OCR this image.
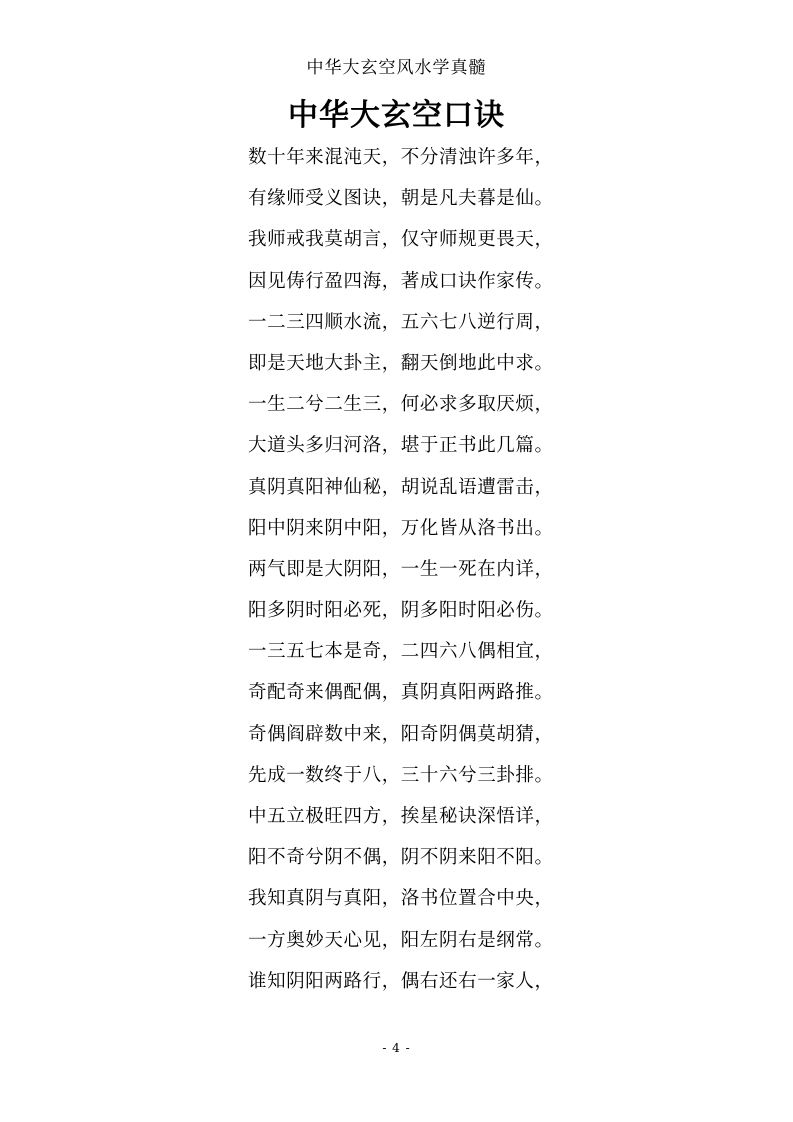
中华大玄空风水学真髓
中华大玄空口诀
数十年来混沌天，不分清浊许多年，
有缘师受义图诀，朝是凡夫暮是仙。
我师戒我莫胡言，仅守师规更畏天，
因见俦行盈四海，著成口诀作家传。
一二三四顺水流，五六七八逆行周，
即是天地大卦主，翻天倒地此中求。
一生二兮二生三，何必求多取厌烦，
大道头多归河洛，堪于正书此几篇。
真阴真阳神仙秘，胡说乱语遭雷击，
阳中阴来阴中阳，万化皆从洛书出。
两气即是大阴阳，一生一死在内详，
阳多阴时阳必死，阴多阳时阳必伤。
一三五七本是奇，二四六八偶相宜，
奇配奇来偶配偶，真阴真阳两路推。
奇偶阎辟数中来，阳奇阴偶莫胡猜，
先成一数终于八，三十六兮三卦排。
中五立极旺四方，挨星秘诀深悟详，
阳不奇兮阴不偶，阴不阴来阳不阳。
我知真阴与真阳，洛书位置合中央，
一方奥妙天心见，阳左阴右是纲常。
谁知阴阳两路行，偶右还右一家人，
- 4 -
